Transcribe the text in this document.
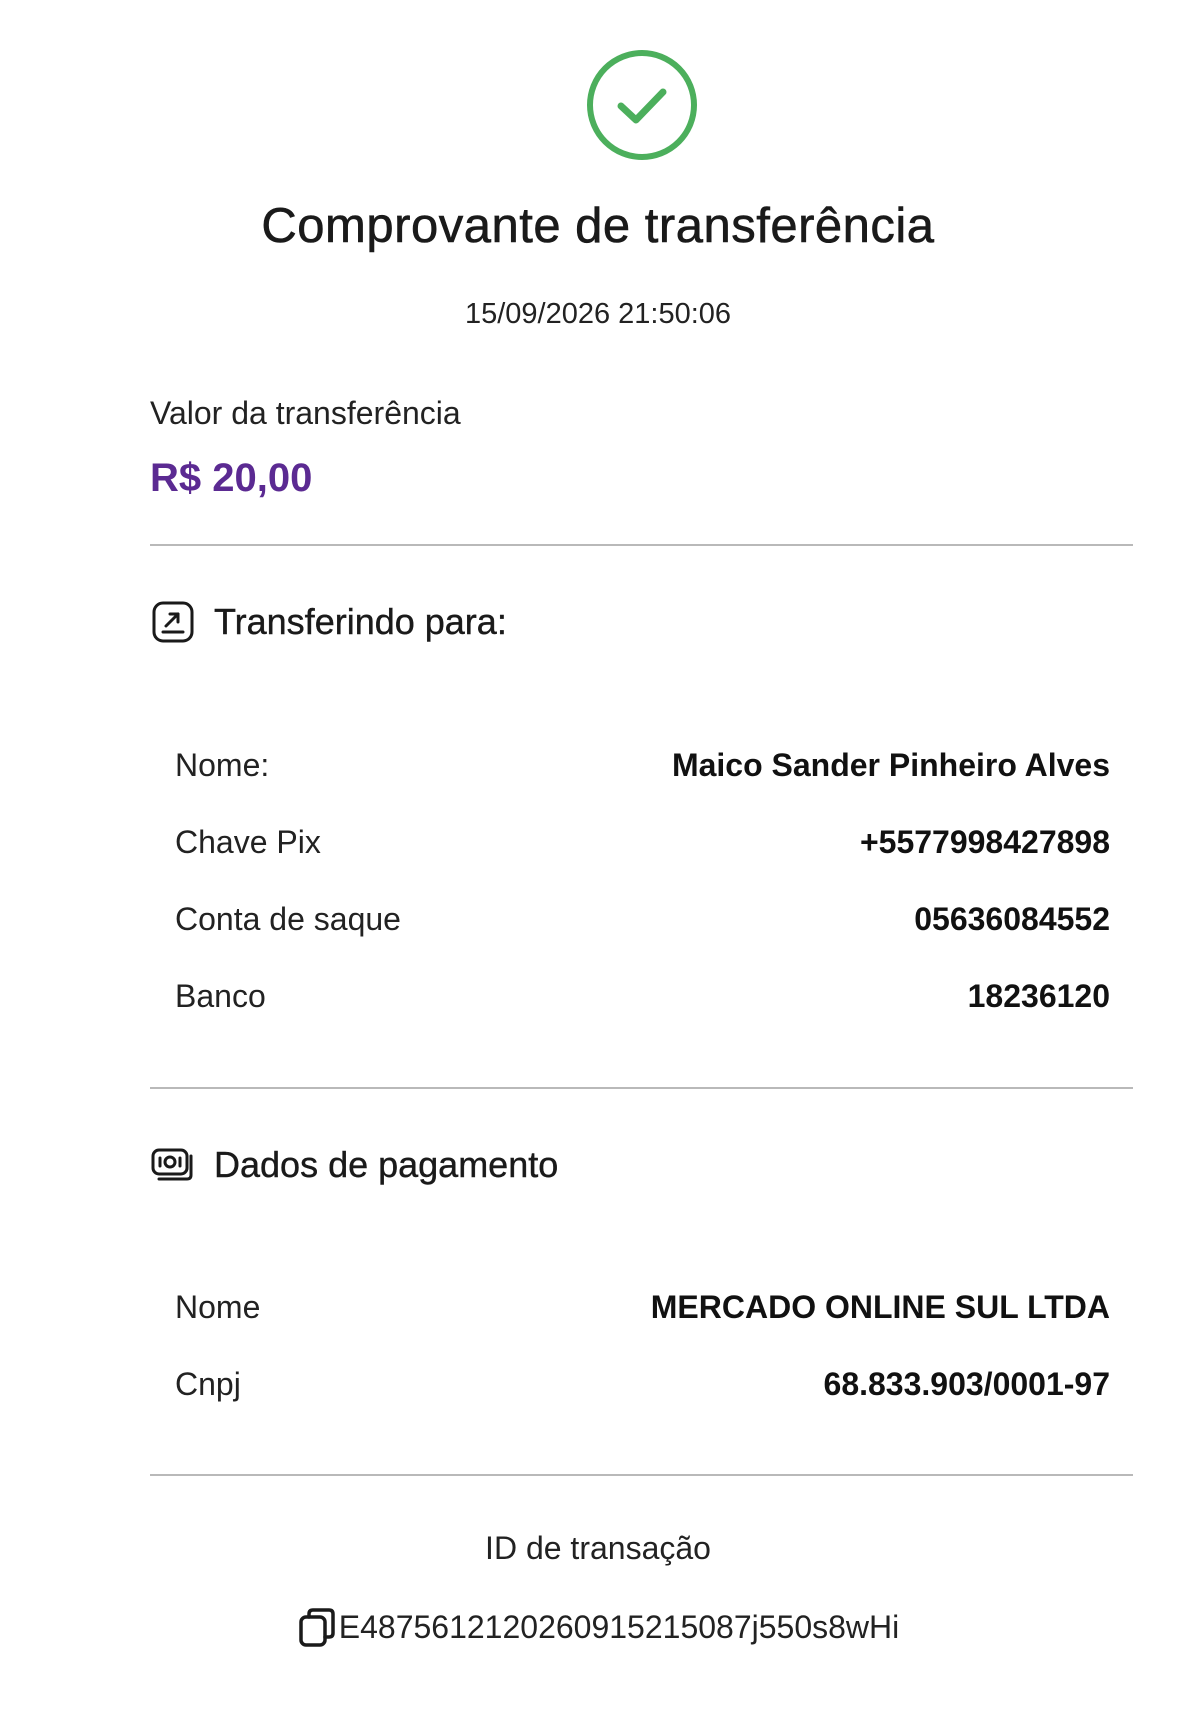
Comprovante de transferência
15/09/2026 21:50:06
Valor da transferência
R$ 20,00
Transferindo para:
Nome:	Maico Sander Pinheiro Alves
Chave Pix	+5577998427898
Conta de saque	05636084552
Banco	18236120
Dados de pagamento
Nome	MERCADO ONLINE SUL LTDA
Cnpj	68.833.903/0001-97
ID de transação
E4875612120260915215087j550s8wHi
